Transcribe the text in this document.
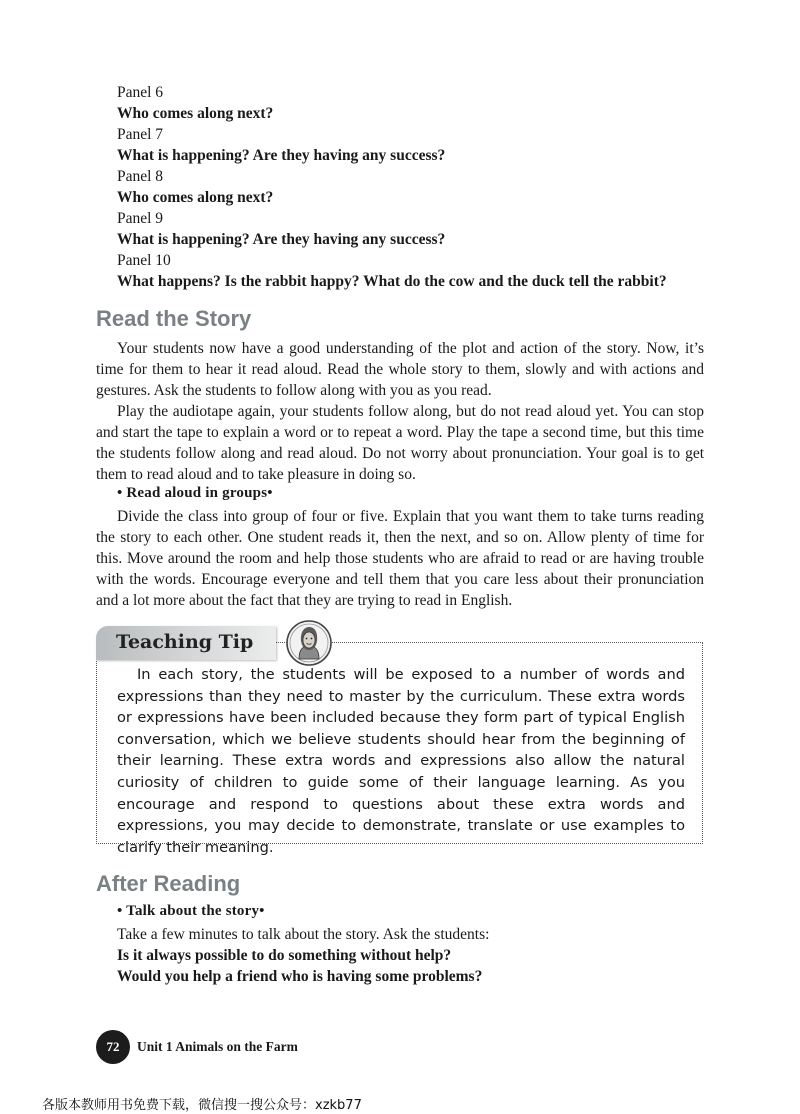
Panel 6
Who comes along next?
Panel 7
What is happening? Are they having any success?
Panel 8
Who comes along next?
Panel 9
What is happening? Are they having any success?
Panel 10
What happens? Is the rabbit happy? What do the cow and the duck tell the rabbit?
Read the Story

Your students now have a good understanding of the plot and action of the story. Now, it’s time for them to hear it read aloud. Read the whole story to them, slowly and with actions and gestures. Ask the students to follow along with you as you read.

Play the audiotape again, your students follow along, but do not read aloud yet. You can stop and start the tape to explain a word or to repeat a word. Play the tape a second time, but this time the students follow along and read aloud. Do not worry about pronunciation. Your goal is to get them to read aloud and to take pleasure in doing so.

• Read aloud in groups•

Divide the class into group of four or five. Explain that you want them to take turns reading the story to each other. One student reads it, then the next, and so on. Allow plenty of time for this. Move around the room and help those students who are afraid to read or are having trouble with the words. Encourage everyone and tell them that you care less about their pronunciation and a lot more about the fact that they are trying to read in English.

Teaching Tip

In each story, the students will be exposed to a number of words and expressions than they need to master by the curriculum. These extra words or expressions have been included because they form part of typical English conversation, which we believe students should hear from the beginning of their learning. These extra words and expressions also allow the natural curiosity of children to guide some of their language learning. As you encourage and respond to questions about these extra words and expressions, you may decide to demonstrate, translate or use examples to clarify their meaning.

After Reading
• Talk about the story•
Take a few minutes to talk about the story. Ask the students:
Is it always possible to do something without help?
Would you help a friend who is having some problems?
72	Unit 1 Animals on the Farm
各版本教师用书免费下载，微信搜一搜公众号：xzkb77
